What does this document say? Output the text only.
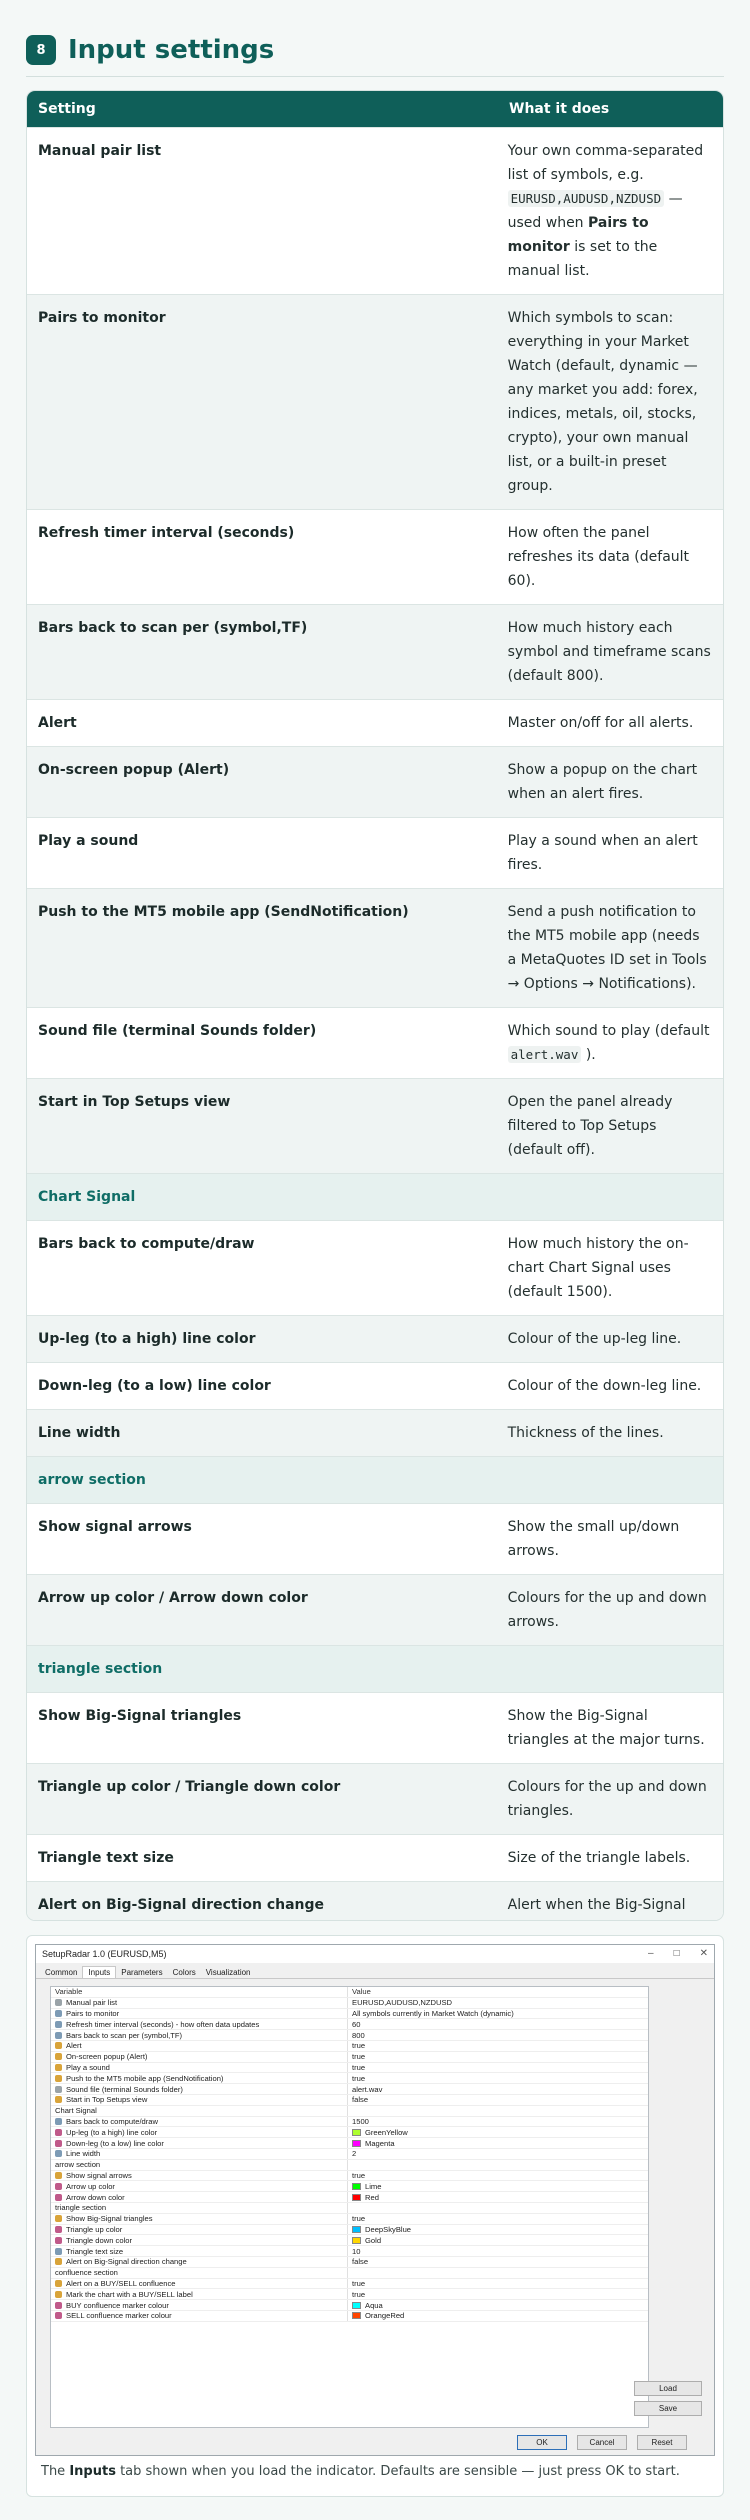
8 Input settings
Setting	What it does
Manual pair list	Your own comma-separated list of symbols, e.g. EURUSD,AUDUSD,NZDUSD — used when Pairs to monitor is set to the manual list.
Pairs to monitor	Which symbols to scan: everything in your Market Watch (default, dynamic — any market you add: forex, indices, metals, oil, stocks, crypto), your own manual list, or a built-in preset group.
Refresh timer interval (seconds)	How often the panel refreshes its data (default 60).
Bars back to scan per (symbol,TF)	How much history each symbol and timeframe scans (default 800).
Alert	Master on/off for all alerts.
On-screen popup (Alert)	Show a popup on the chart when an alert fires.
Play a sound	Play a sound when an alert fires.
Push to the MT5 mobile app (SendNotification)	Send a push notification to the MT5 mobile app (needs a MetaQuotes ID set in Tools → Options → Notifications).
Sound file (terminal Sounds folder)	Which sound to play (default alert.wav ).
Start in Top Setups view	Open the panel already filtered to Top Setups (default off).
Chart Signal
Bars back to compute/draw	How much history the on-chart Chart Signal uses (default 1500).
Up-leg (to a high) line color	Colour of the up-leg line.
Down-leg (to a low) line color	Colour of the down-leg line.
Line width	Thickness of the lines.
arrow section
Show signal arrows	Show the small up/down arrows.
Arrow up color / Arrow down color	Colours for the up and down arrows.
triangle section
Show Big-Signal triangles	Show the Big-Signal triangles at the major turns.
Triangle up color / Triangle down color	Colours for the up and down triangles.
Triangle text size	Size of the triangle labels.
Alert on Big-Signal direction change	Alert when the Big-Signal
SetupRadar 1.0 (EURUSD,M5)	– □ ✕
Common	Inputs	Parameters	Colors	Visualization
Variable	Value
Manual pair list	EURUSD,AUDUSD,NZDUSD
Pairs to monitor	All symbols currently in Market Watch (dynamic)
Refresh timer interval (seconds) - how often data updates	60
Bars back to scan per (symbol,TF)	800
Alert	true
On-screen popup (Alert)	true
Play a sound	true
Push to the MT5 mobile app (SendNotification)	true
Sound file (terminal Sounds folder)	alert.wav
Start in Top Setups view	false
Chart Signal
Bars back to compute/draw	1500
Up-leg (to a high) line color	GreenYellow
Down-leg (to a low) line color	Magenta
Line width	2
arrow section
Show signal arrows	true
Arrow up color	Lime
Arrow down color	Red
triangle section
Show Big-Signal triangles	true
Triangle up color	DeepSkyBlue
Triangle down color	Gold
Triangle text size	10
Alert on Big-Signal direction change	false
confluence section
Alert on a BUY/SELL confluence	true
Mark the chart with a BUY/SELL label	true
BUY confluence marker colour	Aqua
SELL confluence marker colour	OrangeRed
Load
Save
OK	Cancel	Reset
The Inputs tab shown when you load the indicator. Defaults are sensible — just press OK to start.
